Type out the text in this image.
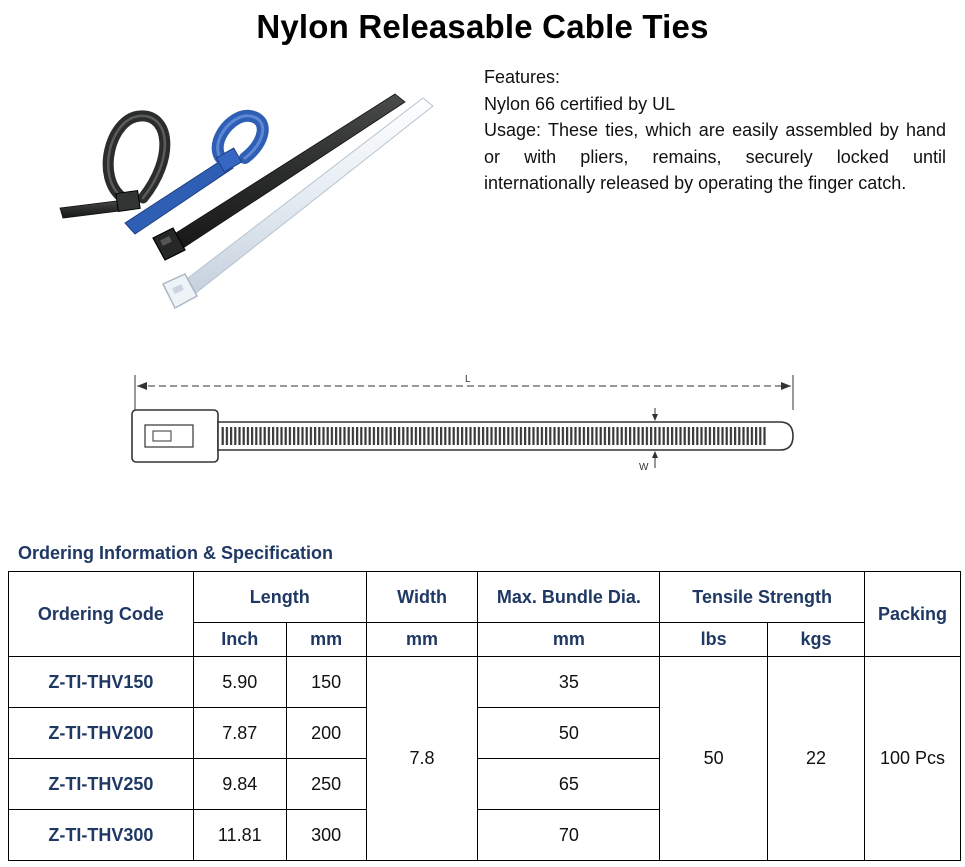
Nylon Releasable Cable Ties

Features:

Nylon 66 certified by UL

Usage: These ties, which are easily assembled by hand or with pliers, remains, securely locked until internationally released by operating the finger catch.

L
W
Ordering Information & Specification
Ordering Code	Length		Width	Max. Bundle Dia.	Tensile Strength		Packing
	Inch	mm	mm	mm	lbs	kgs	
Z-TI-THV150	5.90	150	7.8	35	50	22	100 Pcs
Z-TI-THV200	7.87	200		50			
Z-TI-THV250	9.84	250		65			
Z-TI-THV300	11.81	300		70			
